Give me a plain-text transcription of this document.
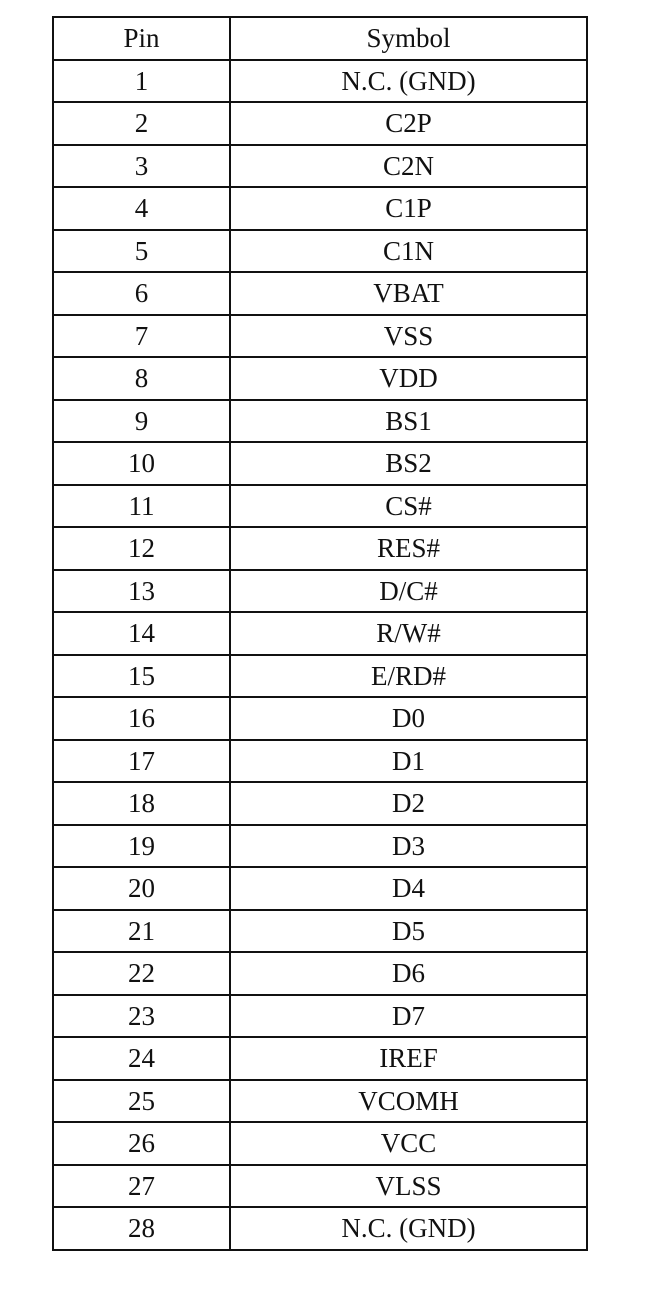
Pin	Symbol
1	N.C. (GND)
2	C2P
3	C2N
4	C1P
5	C1N
6	VBAT
7	VSS
8	VDD
9	BS1
10	BS2
11	CS#
12	RES#
13	D/C#
14	R/W#
15	E/RD#
16	D0
17	D1
18	D2
19	D3
20	D4
21	D5
22	D6
23	D7
24	IREF
25	VCOMH
26	VCC
27	VLSS
28	N.C. (GND)
